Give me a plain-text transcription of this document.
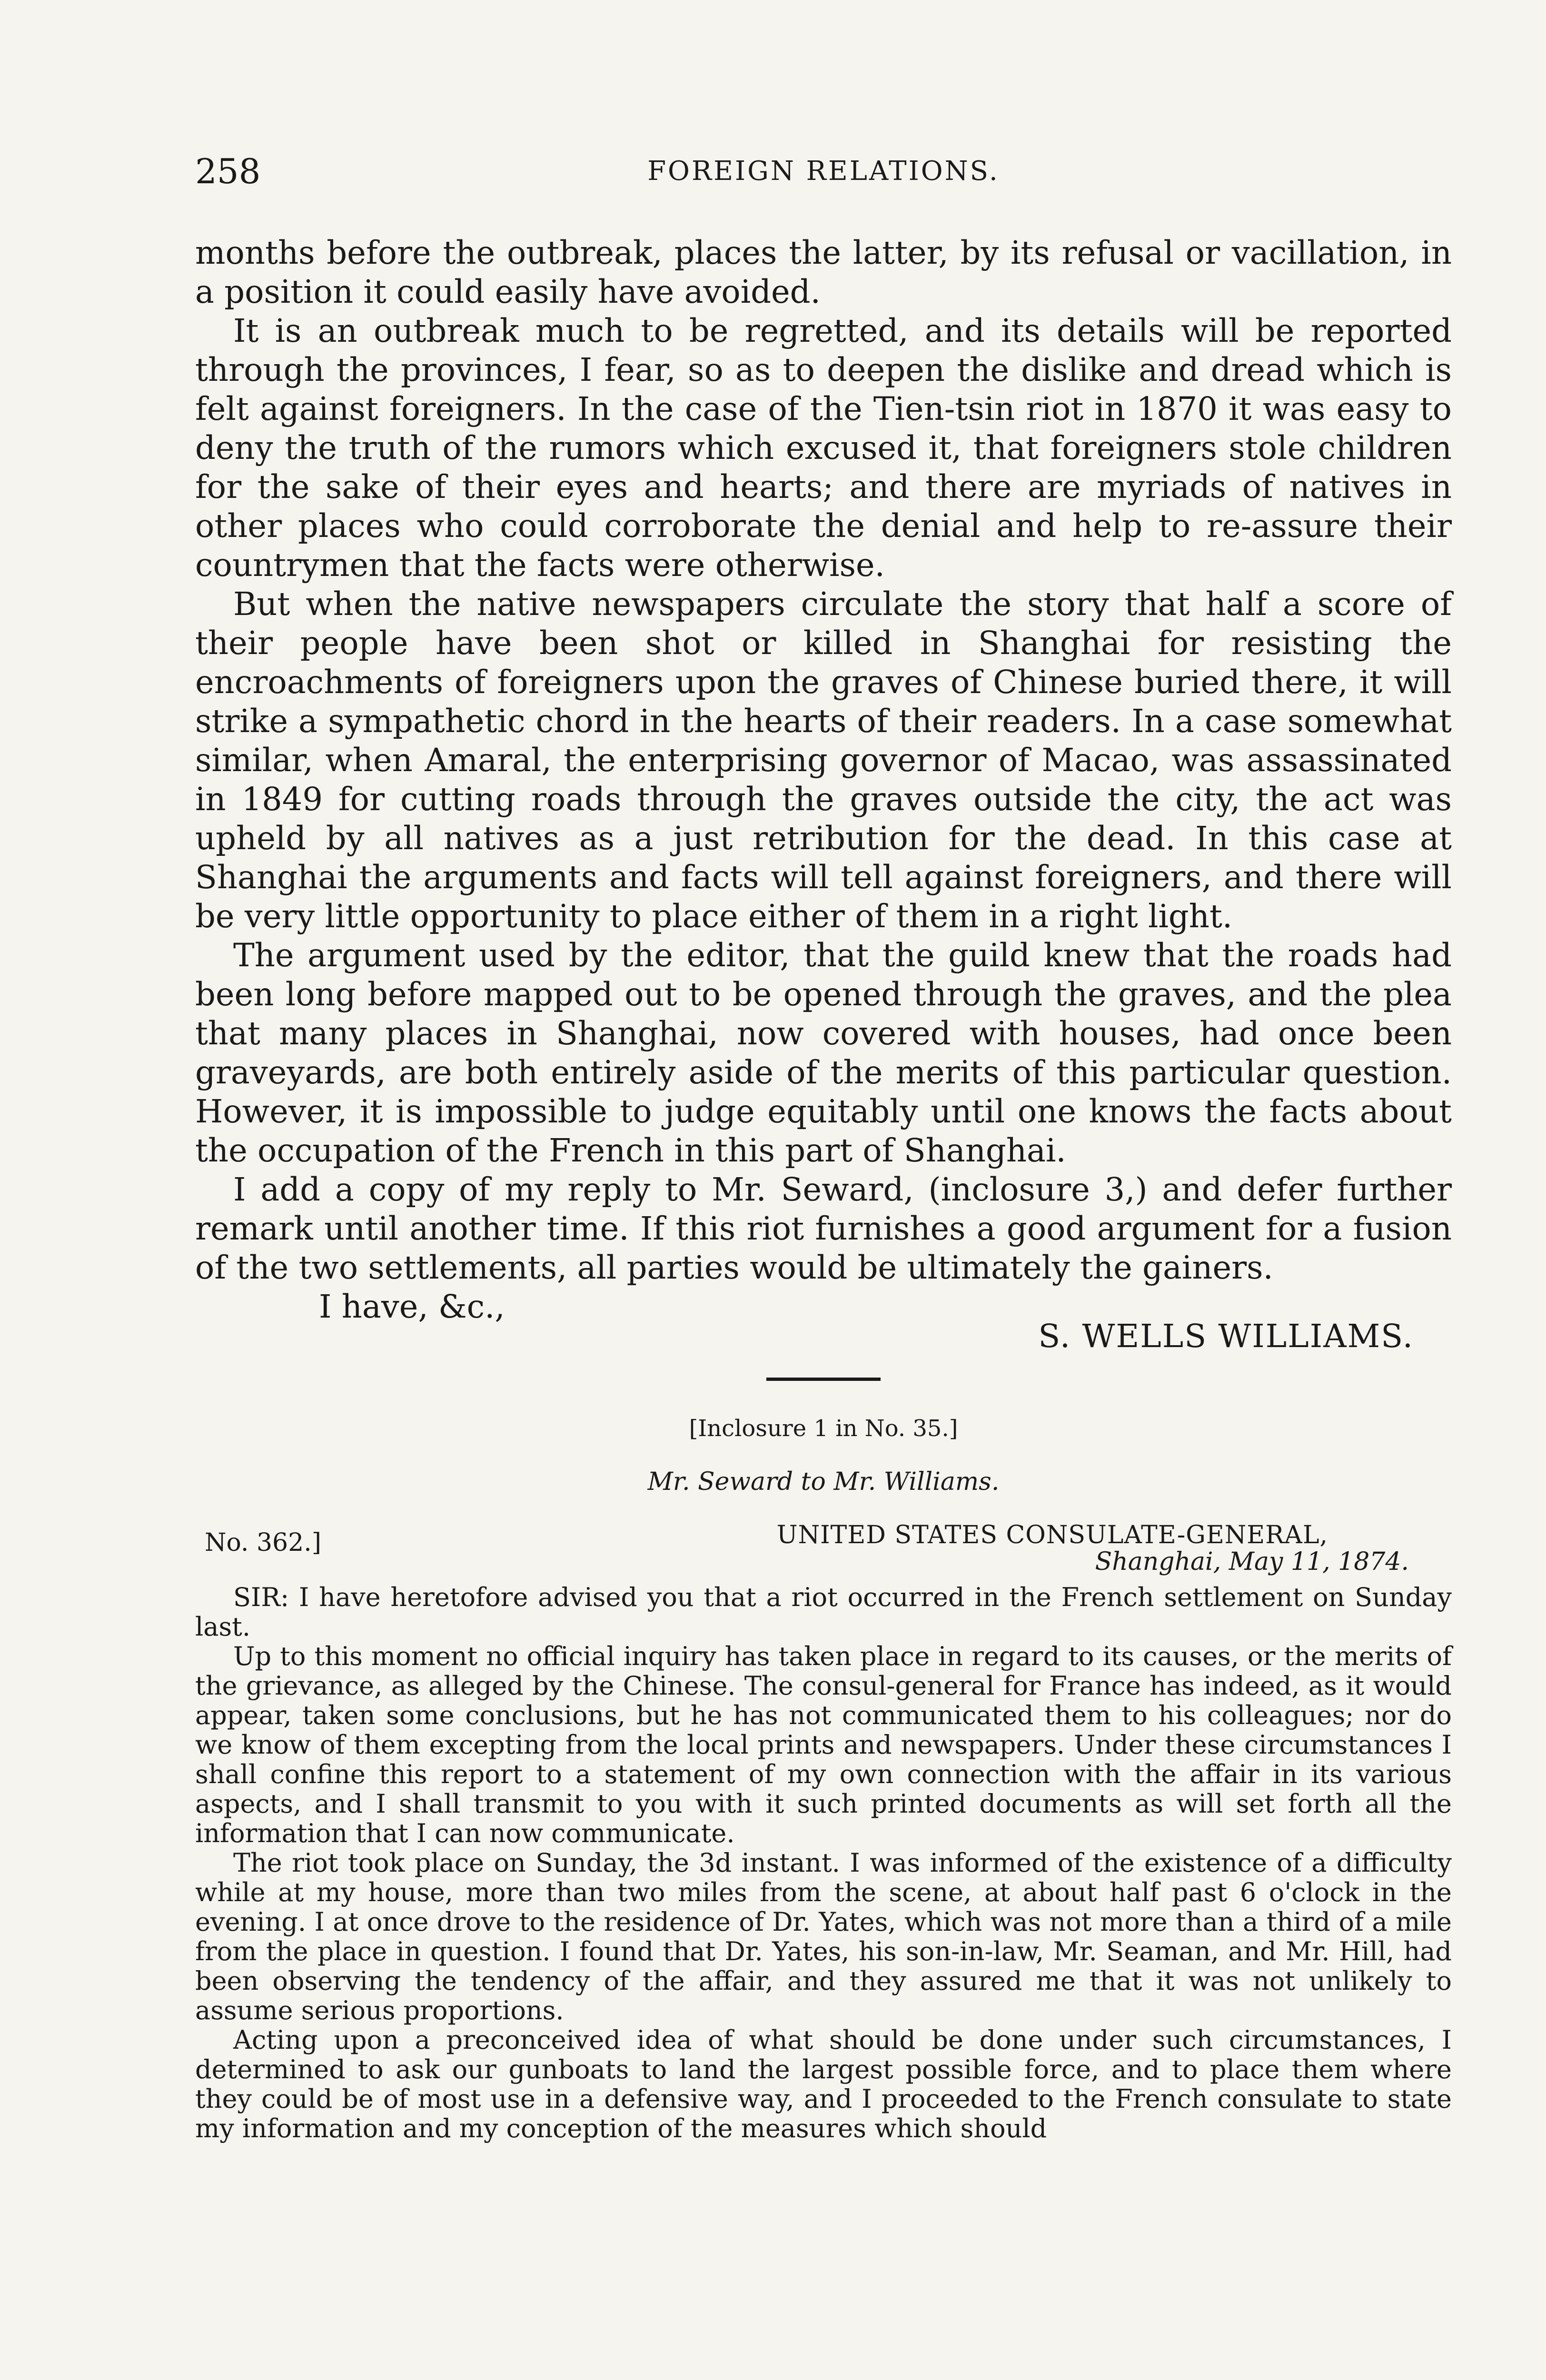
258	FOREIGN RELATIONS.

months before the outbreak, places the latter, by its refusal or vacillation, in a position it could easily have avoided.

It is an outbreak much to be regretted, and its details will be reported through the provinces, I fear, so as to deepen the dislike and dread which is felt against foreigners. In the case of the Tien-tsin riot in 1870 it was easy to deny the truth of the rumors which excused it, that foreigners stole children for the sake of their eyes and hearts; and there are myriads of natives in other places who could corroborate the denial and help to re-assure their countrymen that the facts were otherwise.

But when the native newspapers circulate the story that half a score of their people have been shot or killed in Shanghai for resisting the encroachments of foreigners upon the graves of Chinese buried there, it will strike a sympathetic chord in the hearts of their readers. In a case somewhat similar, when Amaral, the enterprising governor of Macao, was assassinated in 1849 for cutting roads through the graves outside the city, the act was upheld by all natives as a just retribution for the dead. In this case at Shanghai the arguments and facts will tell against foreigners, and there will be very little opportunity to place either of them in a right light.

The argument used by the editor, that the guild knew that the roads had been long before mapped out to be opened through the graves, and the plea that many places in Shanghai, now covered with houses, had once been graveyards, are both entirely aside of the merits of this particular question. However, it is impossible to judge equitably until one knows the facts about the occupation of the French in this part of Shanghai.

I add a copy of my reply to Mr. Seward, (inclosure 3,) and defer further remark until another time. If this riot furnishes a good argument for a fusion of the two settlements, all parties would be ultimately the gainers.

I have, &c.,
S. WELLS WILLIAMS.
[Inclosure 1 in No. 35.]
Mr. Seward to Mr. Williams.
No. 362.]	UNITED STATES CONSULATE-GENERAL,
Shanghai, May 11, 1874.

SIR: I have heretofore advised you that a riot occurred in the French settlement on Sunday last.

Up to this moment no official inquiry has taken place in regard to its causes, or the merits of the grievance, as alleged by the Chinese. The consul-general for France has indeed, as it would appear, taken some conclusions, but he has not communicated them to his colleagues; nor do we know of them excepting from the local prints and newspapers. Under these circumstances I shall confine this report to a statement of my own connection with the affair in its various aspects, and I shall transmit to you with it such printed documents as will set forth all the information that I can now communicate.

The riot took place on Sunday, the 3d instant. I was informed of the existence of a difficulty while at my house, more than two miles from the scene, at about half past 6 o'clock in the evening. I at once drove to the residence of Dr. Yates, which was not more than a third of a mile from the place in question. I found that Dr. Yates, his son-in-law, Mr. Seaman, and Mr. Hill, had been observing the tendency of the affair, and they assured me that it was not unlikely to assume serious proportions.

Acting upon a preconceived idea of what should be done under such circumstances, I determined to ask our gunboats to land the largest possible force, and to place them where they could be of most use in a defensive way, and I proceeded to the French consulate to state my information and my conception of the measures which should
